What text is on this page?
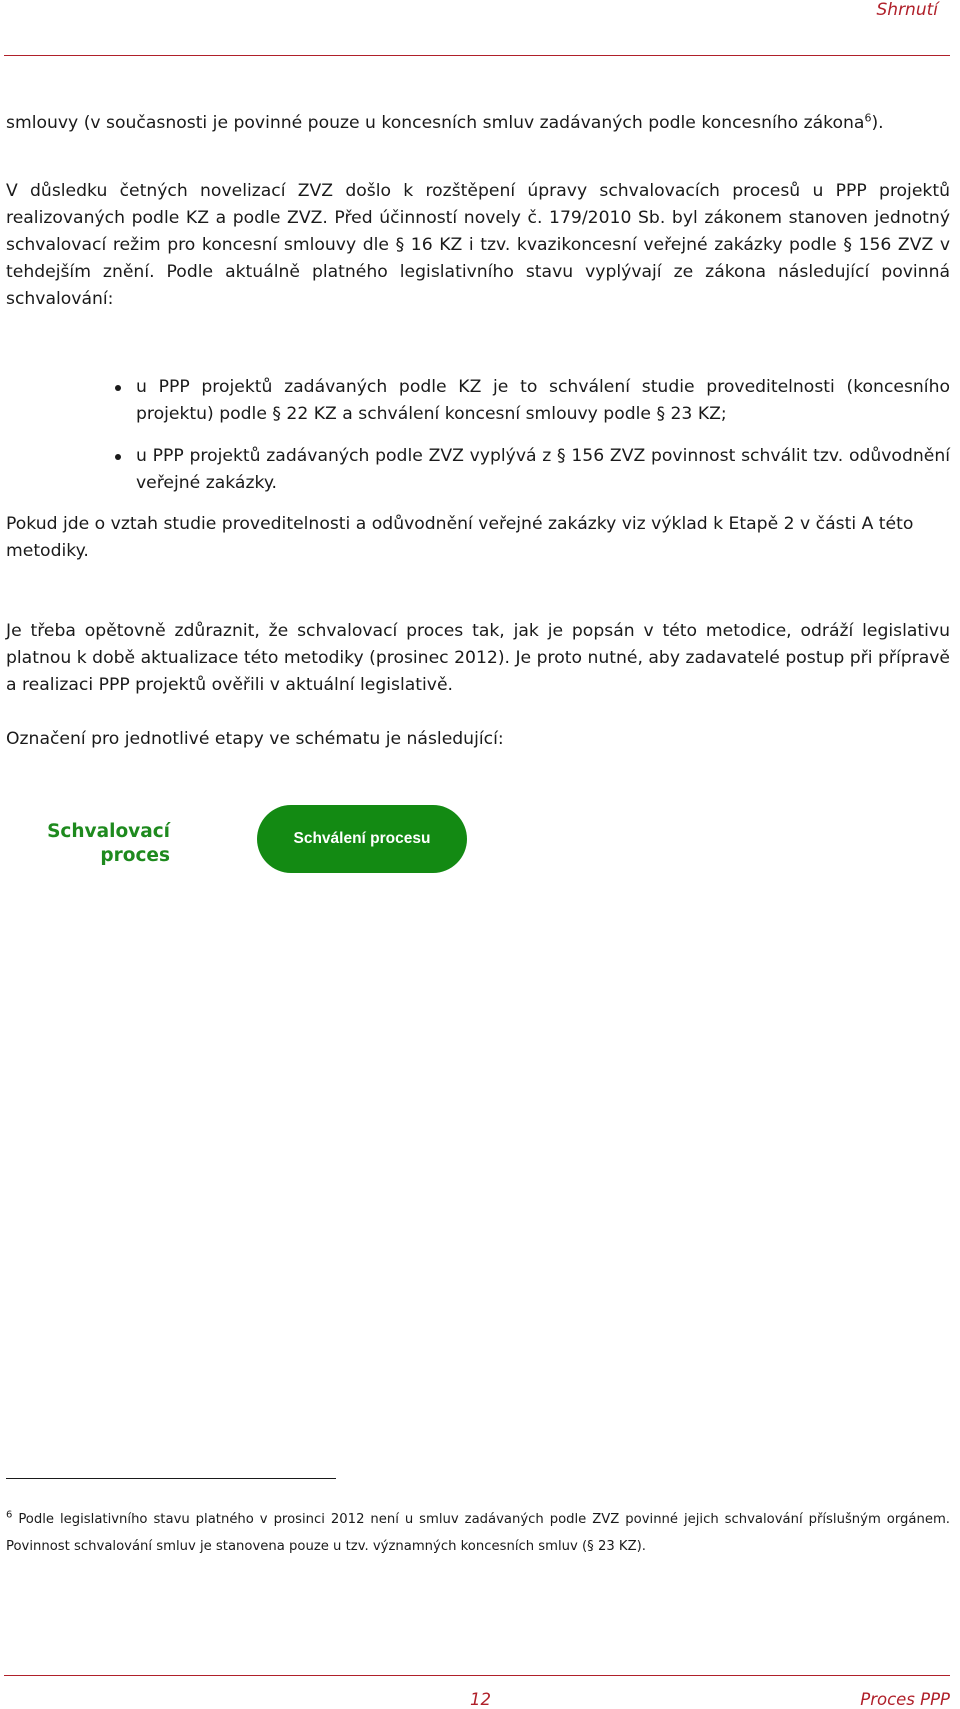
Shrnutí

smlouvy (v současnosti je povinné pouze u koncesních smluv zadávaných podle koncesního zákona$^6$).

V důsledku četných novelizací ZVZ došlo k rozštěpení úpravy schvalovacích procesů u PPP projektů realizovaných podle KZ a podle ZVZ. Před účinností novely č. 179/2010 Sb. byl zákonem stanoven jednotný schvalovací režim pro koncesní smlouvy dle § 16 KZ i tzv. kvazikoncesní veřejné zakázky podle § 156 ZVZ v tehdejším znění. Podle aktuálně platného legislativního stavu vyplývají ze zákona následující povinná schvalování:

u PPP projektů zadávaných podle KZ je to schválení studie proveditelnosti (koncesního projektu) podle § 22 KZ a schválení koncesní smlouvy podle § 23 KZ;
u PPP projektů zadávaných podle ZVZ vyplývá z § 156 ZVZ povinnost schválit tzv. odůvodnění veřejné zakázky.

Pokud jde o vztah studie proveditelnosti a odůvodnění veřejné zakázky viz výklad k Etapě 2 v části A této metodiky.

Je třeba opětovně zdůraznit, že schvalovací proces tak, jak je popsán v této metodice, odráží legislativu platnou k době aktualizace této metodiky (prosinec 2012). Je proto nutné, aby zadavatelé postup při přípravě a realizaci PPP projektů ověřili v aktuální legislativě.

Označení pro jednotlivé etapy ve schématu je následující:

Schvalovací proces
Schválení procesu

$^6$ Podle legislativního stavu platného v prosinci 2012 není u smluv zadávaných podle ZVZ povinné jejich schvalování příslušným orgánem. Povinnost schvalování smluv je stanovena pouze u tzv. významných koncesních smluv (§ 23 KZ).

12	Proces PPP
